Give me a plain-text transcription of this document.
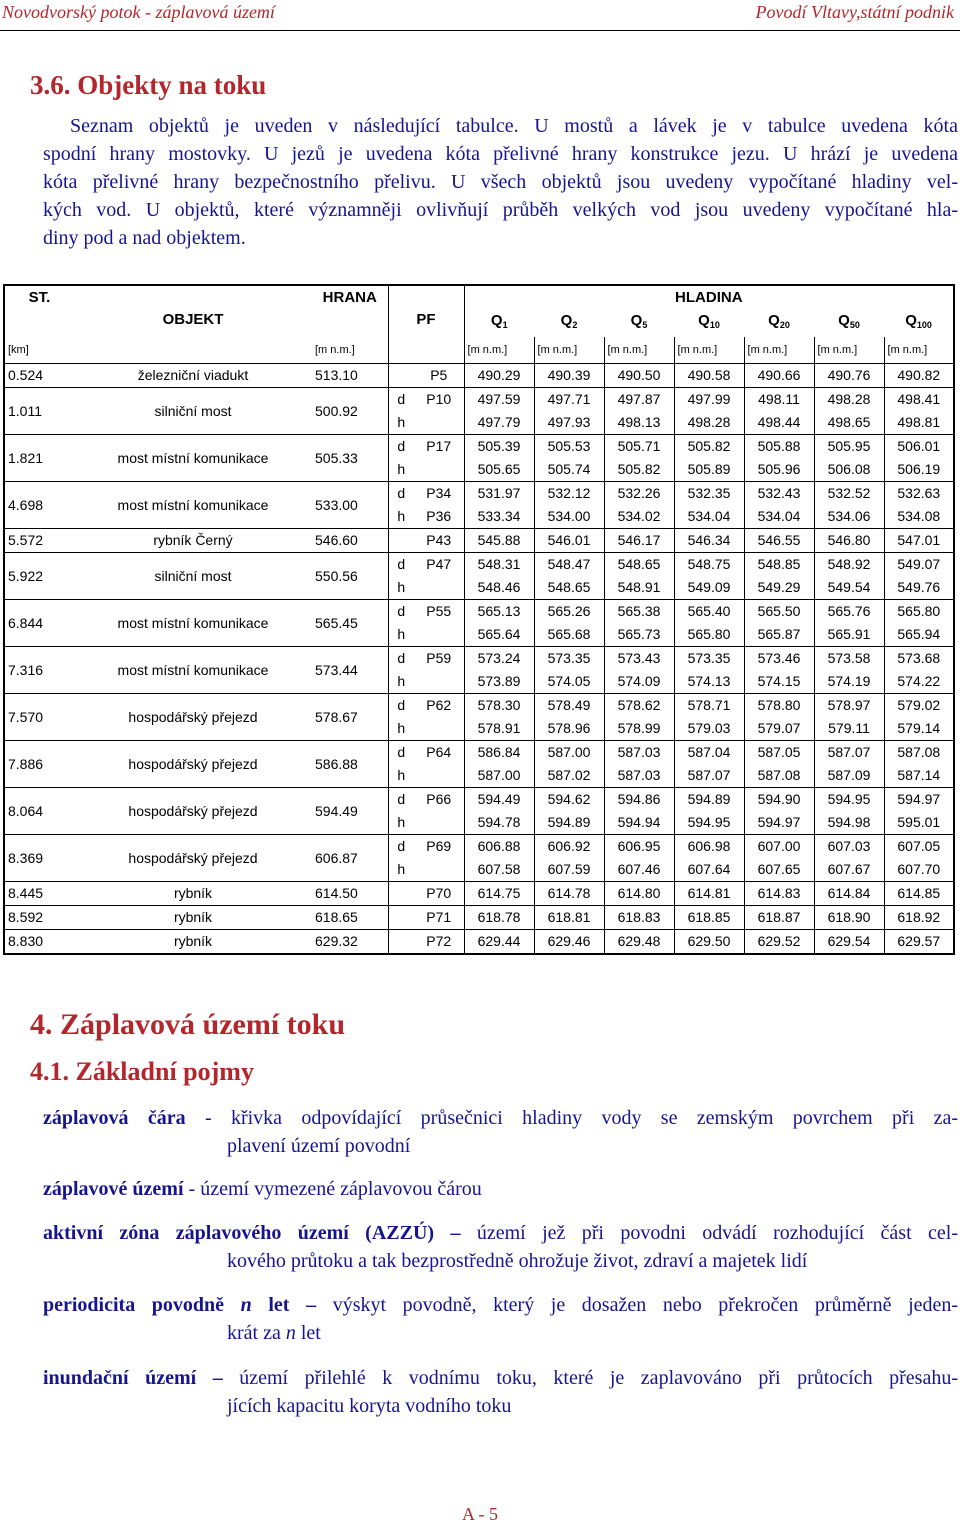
Novodvorský potok - záplavová území	Povodí Vltavy,státní podnik
3.6. Objekty na toku
Seznam objektů je uveden v následující tabulce. U mostů a lávek je v tabulce uvedena kóta
spodní hrany mostovky. U jezů je uvedena kóta přelivné hrany konstrukce jezu. U hrází je uvedena
kóta přelivné hrany bezpečnostního přelivu. U všech objektů jsou uvedeny vypočítané hladiny vel-
kých vod. U objektů, které významněji ovlivňují průběh velkých vod jsou uvedeny vypočítané hla-
diny pod a nad objektem.
ST.	OBJEKT	HRANA	PF		HLADINA						
					$Q_1$	$Q_2$	$Q_5$	$Q_{10}$	$Q_{20}$	$Q_{50}$	$Q_{100}$
[km]		[m n.m.]			[m n.m.]	[m n.m.]	[m n.m.]	[m n.m.]	[m n.m.]	[m n.m.]	[m n.m.]
0.524	železniční viadukt	513.10		P5	490.29	490.39	490.50	490.58	490.66	490.76	490.82
1.011	silniční most	500.92	d	P10	497.59	497.71	497.87	497.99	498.11	498.28	498.41
			h		497.79	497.93	498.13	498.28	498.44	498.65	498.81
1.821	most místní komunikace	505.33	d	P17	505.39	505.53	505.71	505.82	505.88	505.95	506.01
			h		505.65	505.74	505.82	505.89	505.96	506.08	506.19
4.698	most místní komunikace	533.00	d	P34	531.97	532.12	532.26	532.35	532.43	532.52	532.63
			h	P36	533.34	534.00	534.02	534.04	534.04	534.06	534.08
5.572	rybník Černý	546.60		P43	545.88	546.01	546.17	546.34	546.55	546.80	547.01
5.922	silniční most	550.56	d	P47	548.31	548.47	548.65	548.75	548.85	548.92	549.07
			h		548.46	548.65	548.91	549.09	549.29	549.54	549.76
6.844	most místní komunikace	565.45	d	P55	565.13	565.26	565.38	565.40	565.50	565.76	565.80
			h		565.64	565.68	565.73	565.80	565.87	565.91	565.94
7.316	most místní komunikace	573.44	d	P59	573.24	573.35	573.43	573.35	573.46	573.58	573.68
			h		573.89	574.05	574.09	574.13	574.15	574.19	574.22
7.570	hospodářský přejezd	578.67	d	P62	578.30	578.49	578.62	578.71	578.80	578.97	579.02
			h		578.91	578.96	578.99	579.03	579.07	579.11	579.14
7.886	hospodářský přejezd	586.88	d	P64	586.84	587.00	587.03	587.04	587.05	587.07	587.08
			h		587.00	587.02	587.03	587.07	587.08	587.09	587.14
8.064	hospodářský přejezd	594.49	d	P66	594.49	594.62	594.86	594.89	594.90	594.95	594.97
			h		594.78	594.89	594.94	594.95	594.97	594.98	595.01
8.369	hospodářský přejezd	606.87	d	P69	606.88	606.92	606.95	606.98	607.00	607.03	607.05
			h		607.58	607.59	607.46	607.64	607.65	607.67	607.70
8.445	rybník	614.50		P70	614.75	614.78	614.80	614.81	614.83	614.84	614.85
8.592	rybník	618.65		P71	618.78	618.81	618.83	618.85	618.87	618.90	618.92
8.830	rybník	629.32		P72	629.44	629.46	629.48	629.50	629.52	629.54	629.57
4. Záplavová území toku
4.1. Základní pojmy
záplavová čára - křivka odpovídající průsečnici hladiny vody se zemským povrchem při za-
plavení území povodní
záplavové území - území vymezené záplavovou čárou
aktivní zóna záplavového území (AZZÚ) – území jež při povodni odvádí rozhodující část cel-
kového průtoku a tak bezprostředně ohrožuje život, zdraví a majetek lidí
periodicita povodně n let – výskyt povodně, který je dosažen nebo překročen průměrně jeden-
krát za n let
inundační území – území přilehlé k vodnímu toku, které je zaplavováno při průtocích přesahu-
jících kapacitu koryta vodního toku
A - 5
